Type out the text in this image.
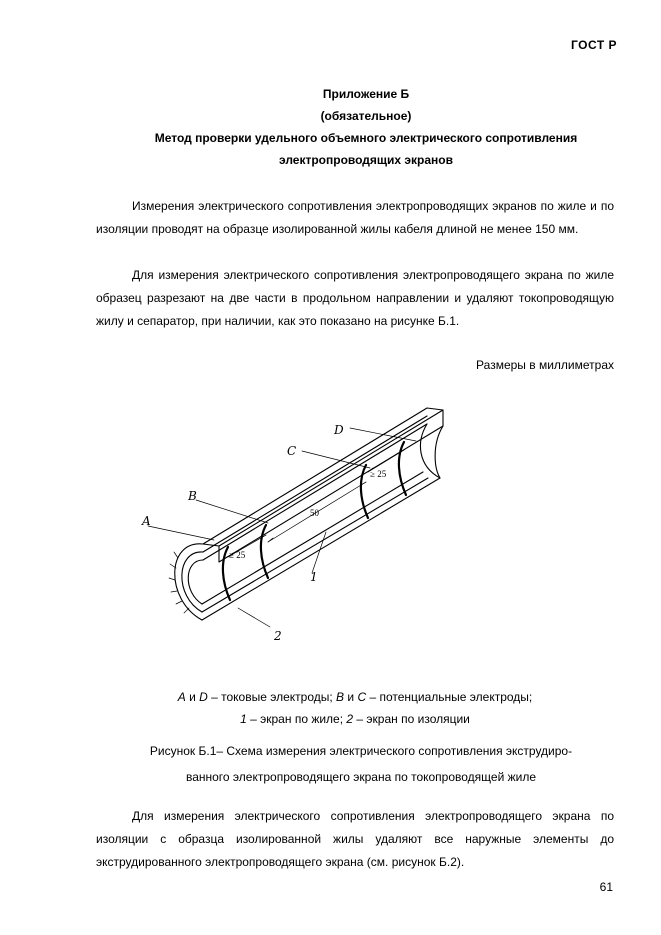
ГОСТ Р
Приложение Б
(обязательное)
Метод проверки удельного объемного электрического сопротивления
электропроводящих экранов

Измерения электрического сопротивления электропроводящих экранов по жиле и по изоляции проводят на образце изолированной жилы кабеля длиной не менее 150 мм.

Для измерения электрического сопротивления электропроводящего экрана по жиле образец разрезают на две части в продольном направлении и удаляют токопроводящую жилу и сепаратор, при наличии, как это показано на рисунке Б.1.

Размеры в миллиметрах
A
B
C
D
1
2
≥ 25
50
≥ 25
A и D – токовые электроды; B и C – потенциальные электроды;
1 – экран по жиле; 2 – экран по изоляции
Рисунок Б.1– Схема измерения электрического сопротивления экструдиро-
ванного электропроводящего экрана по токопроводящей жиле

Для измерения электрического сопротивления электропроводящего экрана по изоляции с образца изолированной жилы удаляют все наружные элементы до экструдированного электропроводящего экрана (см. рисунок Б.2).

61
